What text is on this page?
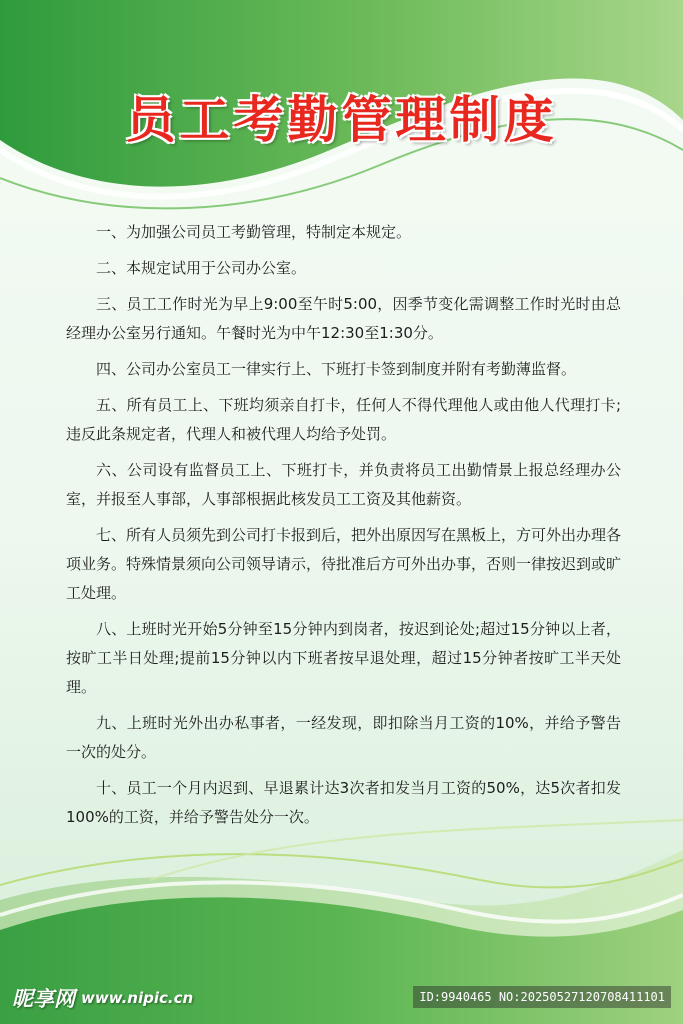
员工考勤管理制度

一、为加强公司员工考勤管理，特制定本规定。

二、本规定试用于公司办公室。

三、员工工作时光为早上9:00至午时5:00，因季节变化需调整工作时光时由总经理办公室另行通知。午餐时光为中午12:30至1:30分。

四、公司办公室员工一律实行上、下班打卡签到制度并附有考勤薄监督。

五、所有员工上、下班均须亲自打卡，任何人不得代理他人或由他人代理打卡;违反此条规定者，代理人和被代理人均给予处罚。

六、公司设有监督员工上、下班打卡，并负责将员工出勤情景上报总经理办公室，并报至人事部，人事部根据此核发员工工资及其他薪资。

七、所有人员须先到公司打卡报到后，把外出原因写在黑板上，方可外出办理各项业务。特殊情景须向公司领导请示，待批准后方可外出办事，否则一律按迟到或旷工处理。

八、上班时光开始5分钟至15分钟内到岗者，按迟到论处;超过15分钟以上者，按旷工半日处理;提前15分钟以内下班者按早退处理，超过15分钟者按旷工半天处理。

九、上班时光外出办私事者，一经发现，即扣除当月工资的10%，并给予警告一次的处分。

十、员工一个月内迟到、早退累计达3次者扣发当月工资的50%，达5次者扣发100%的工资，并给予警告处分一次。

昵享网 www.nipic.cn	ID:9940465 NO:20250527120708411101
